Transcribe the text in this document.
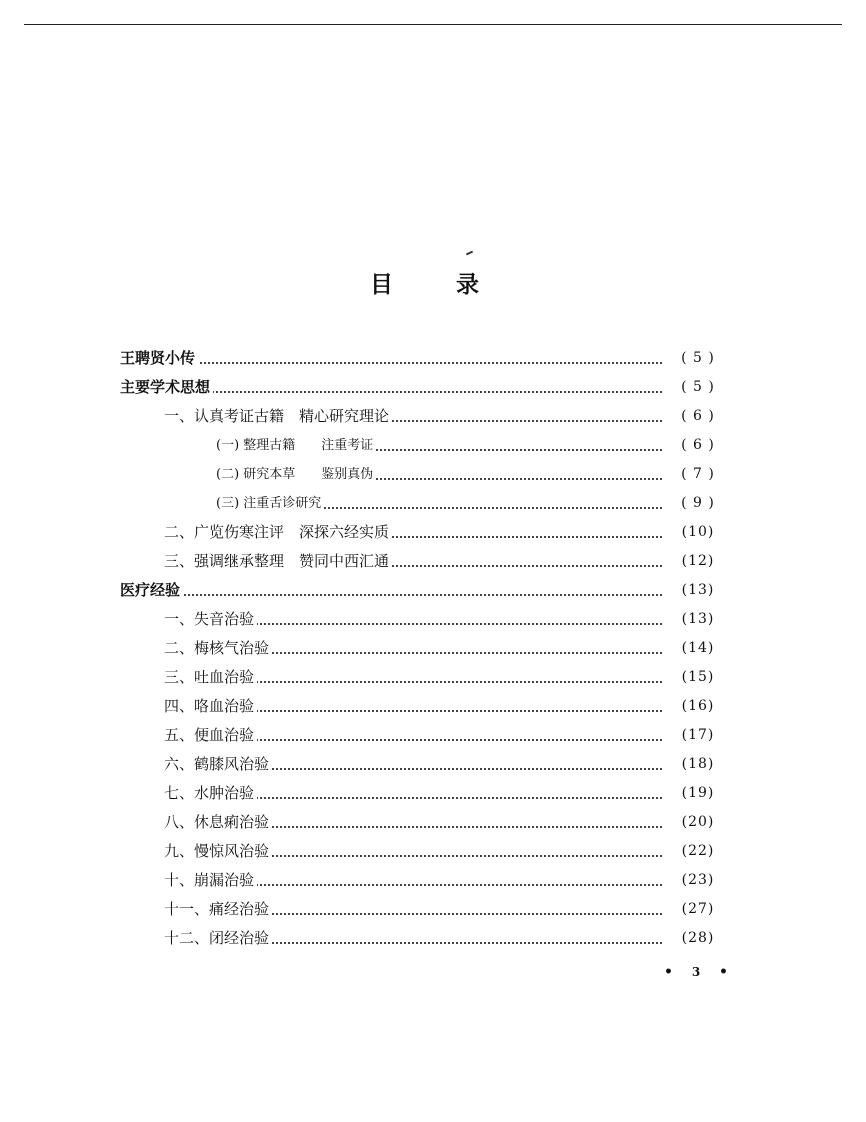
目	录
王聘贤小传	( 5 )
主要学术思想	( 5 )
一、认真考证古籍　精心研究理论	( 6 )
(一) 整理古籍　　注重考证	( 6 )
(二) 研究本草　　鉴别真伪	( 7 )
(三) 注重舌诊研究	( 9 )
二、广览伤寒注评　深探六经实质	(10)
三、强调继承整理　赞同中西汇通	(12)
医疗经验	(13)
一、失音治验	(13)
二、梅核气治验	(14)
三、吐血治验	(15)
四、咯血治验	(16)
五、便血治验	(17)
六、鹤膝风治验	(18)
七、水肿治验	(19)
八、休息痢治验	(20)
九、慢惊风治验	(22)
十、崩漏治验	(23)
十一、痛经治验	(27)
十二、闭经治验	(28)
• 3 •
